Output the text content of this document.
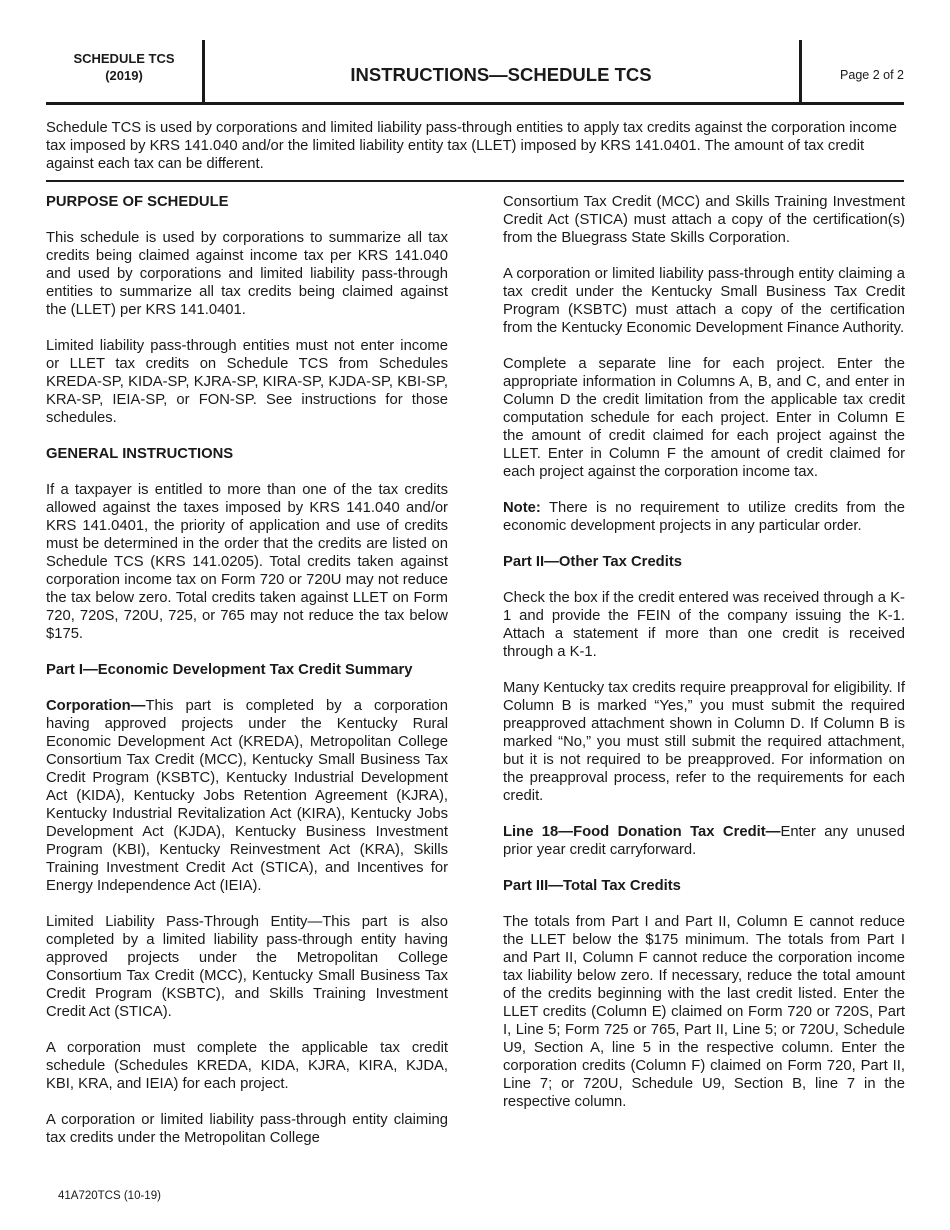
SCHEDULE TCS
(2019)	INSTRUCTIONS—SCHEDULE TCS	Page 2 of 2
Schedule TCS is used by corporations and limited liability pass-through entities to apply tax credits against the corporation income tax imposed by KRS 141.040 and/or the limited liability entity tax (LLET) imposed by KRS 141.0401. The amount of tax credit against each tax can be different.
PURPOSE OF SCHEDULE

This schedule is used by corporations to summarize all tax credits being claimed against income tax per KRS 141.040 and used by corporations and limited liability pass-through entities to summarize all tax credits being claimed against the (LLET) per KRS 141.0401.

Limited liability pass-through entities must not enter income or LLET tax credits on Schedule TCS from Schedules KREDA-SP, KIDA-SP, KJRA-SP, KIRA-SP, KJDA-SP, KBI-SP, KRA-SP, IEIA-SP, or FON-SP. See instructions for those schedules.

GENERAL INSTRUCTIONS

If a taxpayer is entitled to more than one of the tax credits allowed against the taxes imposed by KRS 141.040 and/or KRS 141.0401, the priority of application and use of credits must be determined in the order that the credits are listed on Schedule TCS (KRS 141.0205). Total credits taken against corporation income tax on Form 720 or 720U may not reduce the tax below zero. Total credits taken against LLET on Form 720, 720S, 720U, 725, or 765 may not reduce the tax below $175.

Part I—Economic Development Tax Credit Summary

Corporation—This part is completed by a corporation having approved projects under the Kentucky Rural Economic Development Act (KREDA), Metropolitan College Consortium Tax Credit (MCC), Kentucky Small Business Tax Credit Program (KSBTC), Kentucky Industrial Development Act (KIDA), Kentucky Jobs Retention Agreement (KJRA), Kentucky Industrial Revitalization Act (KIRA), Kentucky Jobs Development Act (KJDA), Kentucky Business Investment Program (KBI), Kentucky Reinvestment Act (KRA), Skills Training Investment Credit Act (STICA), and Incentives for Energy Independence Act (IEIA).

Limited Liability Pass-Through Entity—This part is also completed by a limited liability pass-through entity having approved projects under the Metropolitan College Consortium Tax Credit (MCC), Kentucky Small Business Tax Credit Program (KSBTC), and Skills Training Investment Credit Act (STICA).

A corporation must complete the applicable tax credit schedule (Schedules KREDA, KIDA, KJRA, KIRA, KJDA, KBI, KRA, and IEIA) for each project.

A corporation or limited liability pass-through entity claiming tax credits under the Metropolitan College

Consortium Tax Credit (MCC) and Skills Training Investment Credit Act (STICA) must attach a copy of the certification(s) from the Bluegrass State Skills Corporation.

A corporation or limited liability pass-through entity claiming a tax credit under the Kentucky Small Business Tax Credit Program (KSBTC) must attach a copy of the certification from the Kentucky Economic Development Finance Authority.

Complete a separate line for each project. Enter the appropriate information in Columns A, B, and C, and enter in Column D the credit limitation from the applicable tax credit computation schedule for each project. Enter in Column E the amount of credit claimed for each project against the LLET. Enter in Column F the amount of credit claimed for each project against the corporation income tax.

Note: There is no requirement to utilize credits from the economic development projects in any particular order.

Part II—Other Tax Credits

Check the box if the credit entered was received through a K-1 and provide the FEIN of the company issuing the K-1. Attach a statement if more than one credit is received through a K-1.

Many Kentucky tax credits require preapproval for eligibility. If Column B is marked “Yes,” you must submit the required preapproved attachment shown in Column D. If Column B is marked “No,” you must still submit the required attachment, but it is not required to be preapproved. For information on the preapproval process, refer to the requirements for each credit.

Line 18—Food Donation Tax Credit—Enter any unused prior year credit carryforward.

Part III—Total Tax Credits

The totals from Part I and Part II, Column E cannot reduce the LLET below the $175 minimum. The totals from Part I and Part II, Column F cannot reduce the corporation income tax liability below zero. If necessary, reduce the total amount of the credits beginning with the last credit listed. Enter the LLET credits (Column E) claimed on Form 720 or 720S, Part I, Line 5; Form 725 or 765, Part II, Line 5; or 720U, Schedule U9, Section A, line 5 in the respective column. Enter the corporation credits (Column F) claimed on Form 720, Part II, Line 7; or 720U, Schedule U9, Section B, line 7 in the respective column.

41A720TCS (10-19)
